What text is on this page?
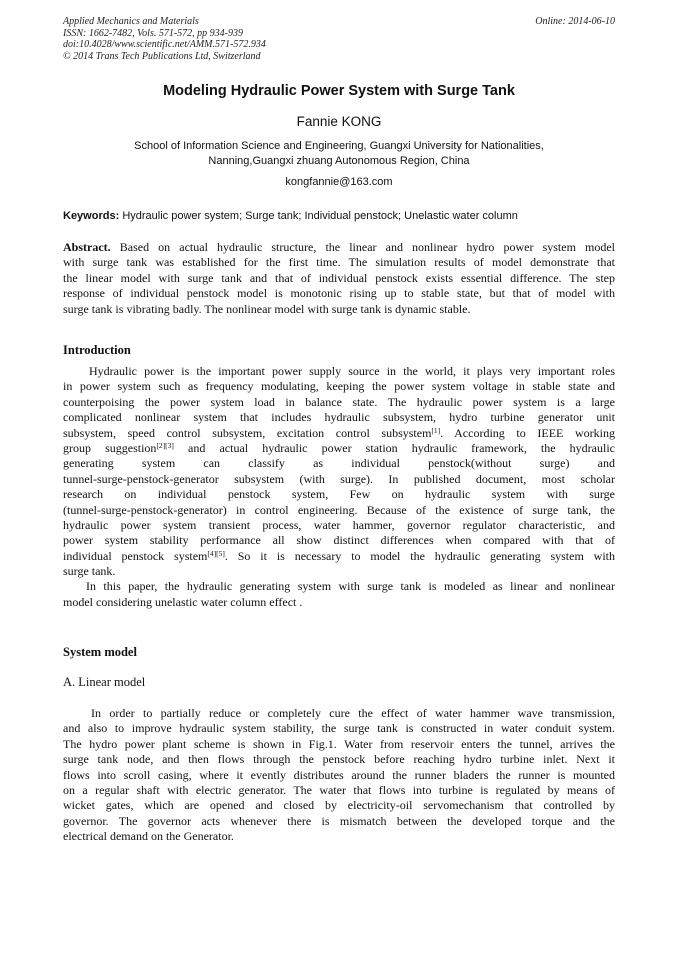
Applied Mechanics and Materials
ISSN: 1662-7482, Vols. 571-572, pp 934-939
doi:10.4028/www.scientific.net/AMM.571-572.934
© 2014 Trans Tech Publications Ltd, Switzerland
Online: 2014-06-10
Modeling Hydraulic Power System with Surge Tank
Fannie KONG
School of Information Science and Engineering, Guangxi University for Nationalities,
Nanning,Guangxi zhuang Autonomous Region, China
kongfannie@163.com
Keywords: Hydraulic power system; Surge tank; Individual penstock; Unelastic water column
Abstract. Based on actual hydraulic structure, the linear and nonlinear hydro power system model
with surge tank was established for the first time. The simulation results of model demonstrate that
the linear model with surge tank and that of individual penstock exists essential difference. The step
response of individual penstock model is monotonic rising up to stable state, but that of model with
surge tank is vibrating badly. The nonlinear model with surge tank is dynamic stable.
Introduction
Hydraulic power is the important power supply source in the world, it plays very important roles
in power system such as frequency modulating, keeping the power system voltage in stable state and
counterpoising the power system load in balance state. The hydraulic power system is a large
complicated nonlinear system that includes hydraulic subsystem, hydro turbine generator unit
subsystem, speed control subsystem, excitation control subsystem[1]. According to IEEE working
group suggestion[2][3] and actual hydraulic power station hydraulic framework, the hydraulic
generating system can classify as individual penstock(without surge) and
tunnel-surge-penstock-generator subsystem (with surge). In published document, most scholar
research on individual penstock system, Few on hydraulic system with surge
(tunnel-surge-penstock-generator) in control engineering. Because of the existence of surge tank, the
hydraulic power system transient process, water hammer, governor regulator characteristic, and
power system stability performance all show distinct differences when compared with that of
individual penstock system[4][5]. So it is necessary to model the hydraulic generating system with
surge tank.
In this paper, the hydraulic generating system with surge tank is modeled as linear and nonlinear
model considering unelastic water column effect .
System model
A. Linear model
In order to partially reduce or completely cure the effect of water hammer wave transmission,
and also to improve hydraulic system stability, the surge tank is constructed in water conduit system.
The hydro power plant scheme is shown in Fig.1. Water from reservoir enters the tunnel, arrives the
surge tank node, and then flows through the penstock before reaching hydro turbine inlet. Next it
flows into scroll casing, where it evently distributes around the runner bladers the runner is mounted
on a regular shaft with electric generator. The water that flows into turbine is regulated by means of
wicket gates, which are opened and closed by electricity-oil servomechanism that controlled by
governor. The governor acts whenever there is mismatch between the developed torque and the
electrical demand on the Generator.
